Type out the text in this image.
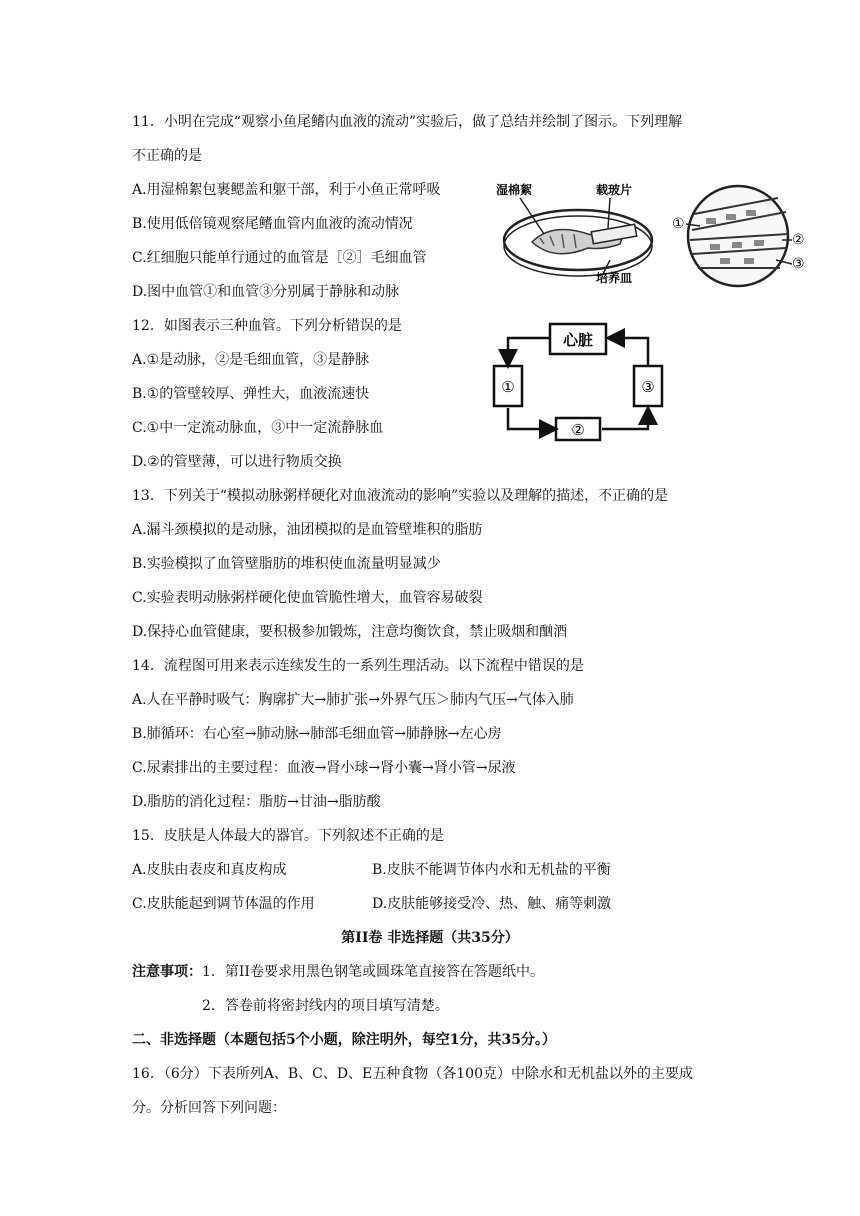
11．小明在完成“观察小鱼尾鳍内血液的流动”实验后，做了总结并绘制了图示。下列理解
不正确的是
A.用湿棉絮包裹鳃盖和躯干部，利于小鱼正常呼吸
B.使用低倍镜观察尾鳍血管内血液的流动情况
C.红细胞只能单行通过的血管是［②］毛细血管
D.图中血管①和血管③分别属于静脉和动脉
湿棉絮	载玻片
培养皿
①
②
③
12．如图表示三种血管。下列分析错误的是
A.①是动脉，②是毛细血管，③是静脉
B.①的管壁较厚、弹性大，血液流速快
C.①中一定流动脉血，③中一定流静脉血
D.②的管壁薄，可以进行物质交换
心脏
①	③
②
13．下列关于“模拟动脉粥样硬化对血液流动的影响”实验以及理解的描述，不正确的是
A.漏斗颈模拟的是动脉，油团模拟的是血管壁堆积的脂肪
B.实验模拟了血管壁脂肪的堆积使血流量明显减少
C.实验表明动脉粥样硬化使血管脆性增大，血管容易破裂
D.保持心血管健康，要积极参加锻炼，注意均衡饮食，禁止吸烟和酗酒
14．流程图可用来表示连续发生的一系列生理活动。以下流程中错误的是
A.人在平静时吸气：胸廓扩大→肺扩张→外界气压＞肺内气压→气体入肺
B.肺循环：右心室→肺动脉→肺部毛细血管→肺静脉→左心房
C.尿素排出的主要过程：血液→肾小球→肾小囊→肾小管→尿液
D.脂肪的消化过程：脂肪→甘油→脂肪酸
15．皮肤是人体最大的器官。下列叙述不正确的是
A.皮肤由表皮和真皮构成	B.皮肤不能调节体内水和无机盐的平衡
C.皮肤能起到调节体温的作用	D.皮肤能够接受冷、热、触、痛等刺激
第II卷 非选择题（共35分）
注意事项：1．第II卷要求用黑色钢笔或圆珠笔直接答在答题纸中。
2．答卷前将密封线内的项目填写清楚。
二、非选择题（本题包括5个小题，除注明外，每空1分，共35分。）
16．（6分）下表所列A、B、C、D、E五种食物（各100克）中除水和无机盐以外的主要成
分。分析回答下列问题：
